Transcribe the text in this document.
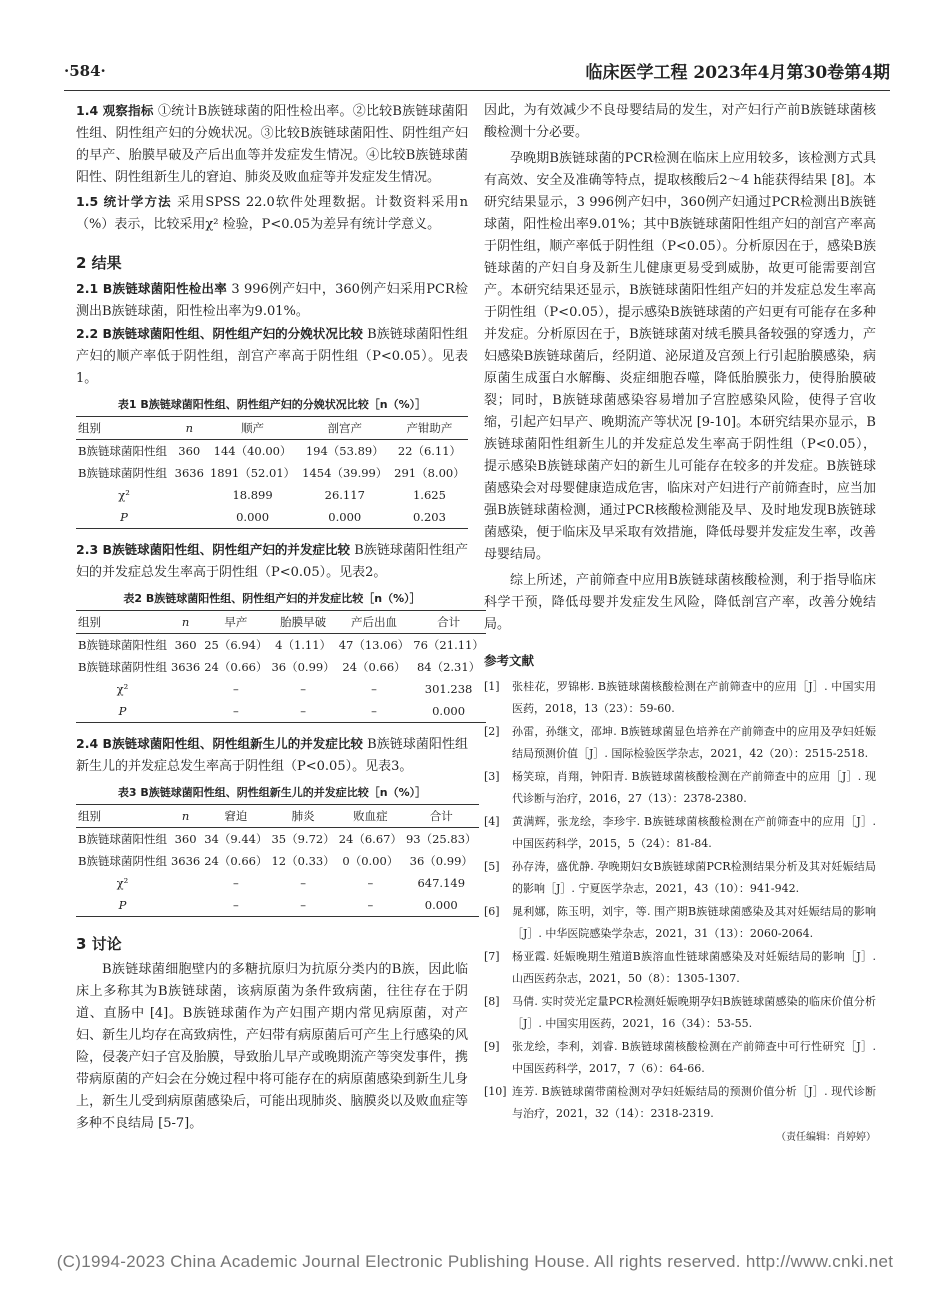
·584·	临床医学工程 2023年4月第30卷第4期

1.4 观察指标 ①统计B族链球菌的阳性检出率。②比较B族链球菌阳性组、阴性组产妇的分娩状况。③比较B族链球菌阳性、阴性组产妇的早产、胎膜早破及产后出血等并发症发生情况。④比较B族链球菌阳性、阴性组新生儿的窘迫、肺炎及败血症等并发症发生情况。

1.5 统计学方法 采用SPSS 22.0软件处理数据。计数资料采用n（%）表示，比较采用χ² 检验，P<0.05为差异有统计学意义。

2 结果

2.1 B族链球菌阳性检出率 3 996例产妇中，360例产妇采用PCR检测出B族链球菌，阳性检出率为9.01%。

2.2 B族链球菌阳性组、阴性组产妇的分娩状况比较 B族链球菌阳性组产妇的顺产率低于阴性组，剖宫产率高于阴性组（P<0.05）。见表1。

表1 B族链球菌阳性组、阴性组产妇的分娩状况比较［n（%）］
组别	n	顺产	剖宫产	产钳助产
B族链球菌阳性组	360	144（40.00）	194（53.89）	22（6.11）
B族链球菌阴性组	3636	1891（52.01）	1454（39.99）	291（8.00）
χ²		18.899	26.117	1.625
P		0.000	0.000	0.203

2.3 B族链球菌阳性组、阴性组产妇的并发症比较 B族链球菌阳性组产妇的并发症总发生率高于阴性组（P<0.05）。见表2。

表2 B族链球菌阳性组、阴性组产妇的并发症比较［n（%）］
组别	n	早产	胎膜早破	产后出血	合计
B族链球菌阳性组	360	25（6.94）	4（1.11）	47（13.06）	76（21.11）
B族链球菌阴性组	3636	24（0.66）	36（0.99）	24（0.66）	84（2.31）
χ²		–	–	–	301.238
P		–	–	–	0.000

2.4 B族链球菌阳性组、阴性组新生儿的并发症比较 B族链球菌阳性组新生儿的并发症总发生率高于阴性组（P<0.05）。见表3。

表3 B族链球菌阳性组、阴性组新生儿的并发症比较［n（%）］
组别	n	窘迫	肺炎	败血症	合计
B族链球菌阳性组	360	34（9.44）	35（9.72）	24（6.67）	93（25.83）
B族链球菌阴性组	3636	24（0.66）	12（0.33）	0（0.00）	36（0.99）
χ²		–	–	–	647.149
P		–	–	–	0.000
3 讨论

B族链球菌细胞壁内的多糖抗原归为抗原分类内的B族，因此临床上多称其为B族链球菌，该病原菌为条件致病菌，往往存在于阴道、直肠中 [4]。B族链球菌作为产妇围产期内常见病原菌，对产妇、新生儿均存在高致病性，产妇带有病原菌后可产生上行感染的风险，侵袭产妇子宫及胎膜，导致胎儿早产或晚期流产等突发事件，携带病原菌的产妇会在分娩过程中将可能存在的病原菌感染到新生儿身上，新生儿受到病原菌感染后，可能出现肺炎、脑膜炎以及败血症等多种不良结局 [5-7]。

因此，为有效减少不良母婴结局的发生，对产妇行产前B族链球菌核酸检测十分必要。

孕晚期B族链球菌的PCR检测在临床上应用较多，该检测方式具有高效、安全及准确等特点，提取核酸后2～4 h能获得结果 [8]。本研究结果显示，3 996例产妇中，360例产妇通过PCR检测出B族链球菌，阳性检出率9.01%；其中B族链球菌阳性组产妇的剖宫产率高于阴性组，顺产率低于阴性组（P<0.05）。分析原因在于，感染B族链球菌的产妇自身及新生儿健康更易受到威胁，故更可能需要剖宫产。本研究结果还显示，B族链球菌阳性组产妇的并发症总发生率高于阴性组（P<0.05），提示感染B族链球菌的产妇更有可能存在多种并发症。分析原因在于，B族链球菌对绒毛膜具备较强的穿透力，产妇感染B族链球菌后，经阴道、泌尿道及宫颈上行引起胎膜感染，病原菌生成蛋白水解酶、炎症细胞吞噬，降低胎膜张力，使得胎膜破裂；同时，B族链球菌感染容易增加子宫腔感染风险，使得子宫收缩，引起产妇早产、晚期流产等状况 [9-10]。本研究结果亦显示，B族链球菌阳性组新生儿的并发症总发生率高于阴性组（P<0.05），提示感染B族链球菌产妇的新生儿可能存在较多的并发症。B族链球菌感染会对母婴健康造成危害，临床对产妇进行产前筛查时，应当加强B族链球菌检测，通过PCR核酸检测能及早、及时地发现B族链球菌感染，便于临床及早采取有效措施，降低母婴并发症发生率，改善母婴结局。

综上所述，产前筛查中应用B族链球菌核酸检测，利于指导临床科学干预，降低母婴并发症发生风险，降低剖宫产率，改善分娩结局。

参考文献
[1]	张桂花，罗锦彬. B族链球菌核酸检测在产前筛查中的应用［J］. 中国实用医药，2018，13（23）：59-60.
[2]	孙雷，孙继文，邵坤. B族链球菌显色培养在产前筛查中的应用及孕妇妊娠结局预测价值［J］. 国际检验医学杂志，2021，42（20）：2515-2518.
[3]	杨笑琼，肖翔，钟阳青. B族链球菌核酸检测在产前筛查中的应用［J］. 现代诊断与治疗，2016，27（13）：2378-2380.
[4]	黄满辉，张龙绘，李珍宇. B族链球菌核酸检测在产前筛查中的应用［J］. 中国医药科学，2015，5（24）：81-84.
[5]	孙存涛，盛优静. 孕晚期妇女B族链球菌PCR检测结果分析及其对妊娠结局的影响［J］. 宁夏医学杂志，2021，43（10）：941-942.
[6]	晁利娜，陈玉明，刘宇，等. 围产期B族链球菌感染及其对妊娠结局的影响［J］. 中华医院感染学杂志，2021，31（13）：2060-2064.
[7]	杨亚霞. 妊娠晚期生殖道B族溶血性链球菌感染及对妊娠结局的影响［J］. 山西医药杂志，2021，50（8）：1305-1307.
[8]	马倩. 实时荧光定量PCR检测妊娠晚期孕妇B族链球菌感染的临床价值分析［J］. 中国实用医药，2021，16（34）：53-55.
[9]	张龙绘，李利，刘睿. B族链球菌核酸检测在产前筛查中可行性研究［J］. 中国医药科学，2017，7（6）：64-66.
[10] 连芳. B族链球菌带菌检测对孕妇妊娠结局的预测价值分析［J］. 现代诊断与治疗，2021，32（14）：2318-2319.
（责任编辑：肖婷婷）
(C)1994-2023 China Academic Journal Electronic Publishing House. All rights reserved. http://www.cnki.net
